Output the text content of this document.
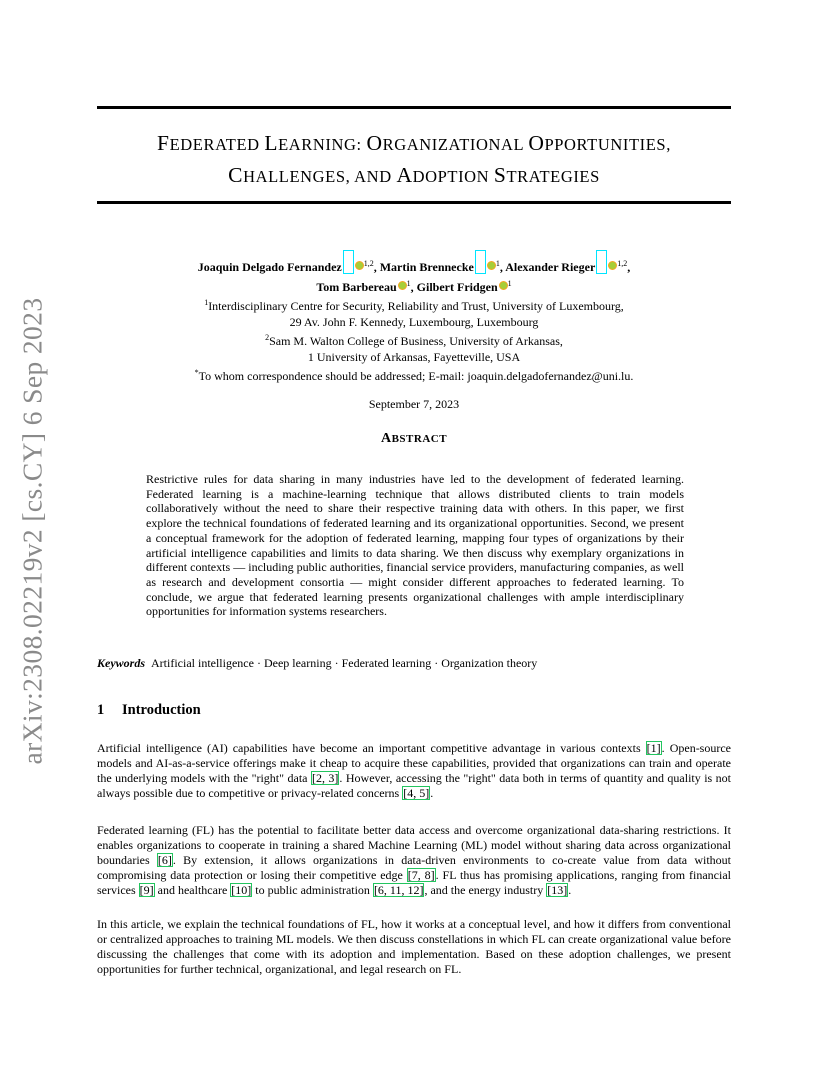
arXiv:2308.02219v2 [cs.CY] 6 Sep 2023
FEDERATED LEARNING: ORGANIZATIONAL OPPORTUNITIES,
CHALLENGES, AND ADOPTION STRATEGIES
Joaquin Delgado Fernandez	$^{1,2}$, Martin Brennecke	$^1$, Alexander Rieger	$^{1,2}$,
Tom Barbereau $^1$, Gilbert Fridgen $^1$
$^1$Interdisciplinary Centre for Security, Reliability and Trust, University of Luxembourg,
29 Av. John F. Kennedy, Luxembourg, Luxembourg
$^2$Sam M. Walton College of Business, University of Arkansas,
1 University of Arkansas, Fayetteville, USA
*To whom correspondence should be addressed; E-mail: joaquin.delgadofernandez@uni.lu.
September 7, 2023
ABSTRACT
Restrictive rules for data sharing in many industries have led to the development of federated learning. Federated learning is a machine-learning technique that allows distributed clients to train models collaboratively without the need to share their respective training data with others. In this paper, we first explore the technical foundations of federated learning and its organizational opportunities. Second, we present a conceptual framework for the adoption of federated learning, mapping four types of organizations by their artificial intelligence capabilities and limits to data sharing. We then discuss why exemplary organizations in different contexts — including public authorities, financial service providers, manufacturing companies, as well as research and development consortia — might consider different approaches to federated learning. To conclude, we argue that federated learning presents organizational challenges with ample interdisciplinary opportunities for information systems researchers.
Keywords Artificial intelligence · Deep learning · Federated learning · Organization theory
1 Introduction
Artificial intelligence (AI) capabilities have become an important competitive advantage in various contexts [1]. Open-source models and AI-as-a-service offerings make it cheap to acquire these capabilities, provided that organizations can train and operate the underlying models with the "right" data [2, 3]. However, accessing the "right" data both in terms of quantity and quality is not always possible due to competitive or privacy-related concerns [4, 5].
Federated learning (FL) has the potential to facilitate better data access and overcome organizational data-sharing restrictions. It enables organizations to cooperate in training a shared Machine Learning (ML) model without sharing data across organizational boundaries [6]. By extension, it allows organizations in data-driven environments to co-create value from data without compromising data protection or losing their competitive edge [7, 8]. FL thus has promising applications, ranging from financial services [9] and healthcare [10] to public administration [6, 11, 12], and the energy industry [13].
In this article, we explain the technical foundations of FL, how it works at a conceptual level, and how it differs from conventional or centralized approaches to training ML models. We then discuss constellations in which FL can create organizational value before discussing the challenges that come with its adoption and implementation. Based on these adoption challenges, we present opportunities for further technical, organizational, and legal research on FL.
